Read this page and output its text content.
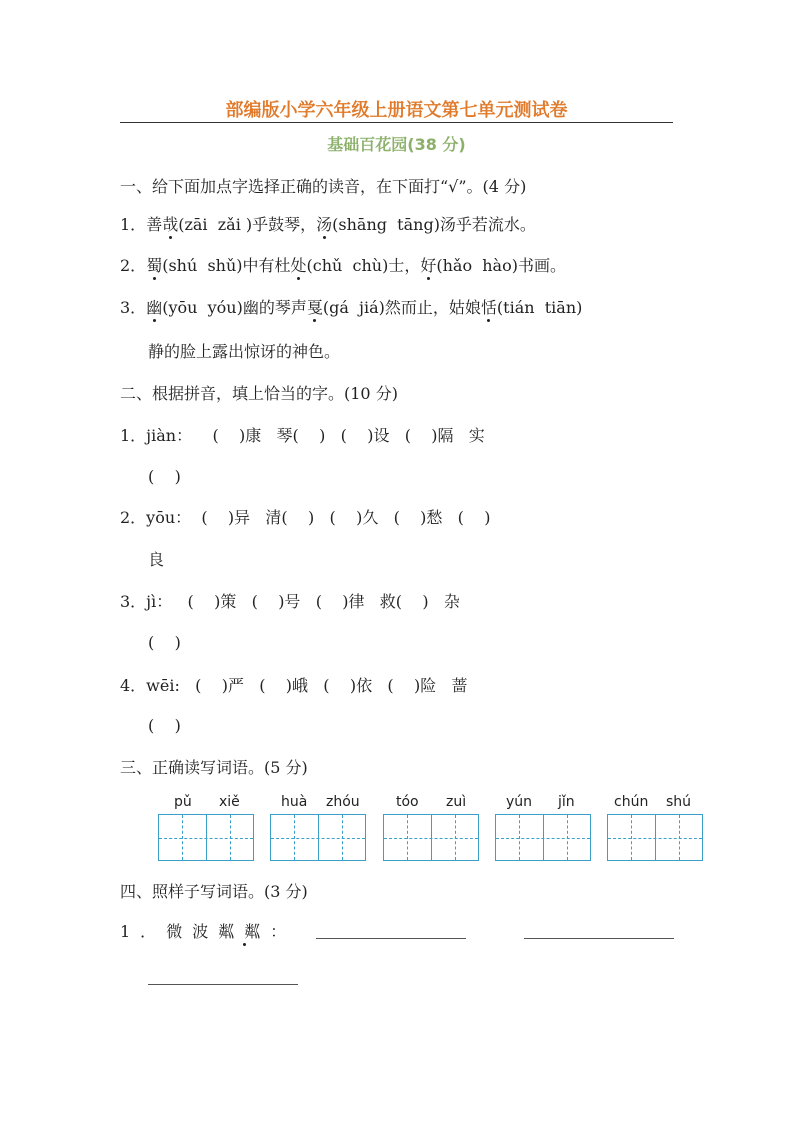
部编版小学六年级上册语文第七单元测试卷
基础百花园(38 分)
一、给下面加点字选择正确的读音，在下面打“√”。(4 分)
1．善哉(zāi  zǎi )乎鼓琴，汤(shāng  tāng)汤乎若流水。
2．蜀(shú  shǔ)中有杜处(chǔ  chù)士，好(hǎo  hào)书画。
3．幽(yōu  yóu)幽的琴声戛(gá  jiá)然而止，姑娘恬(tián  tiān)
静的脸上露出惊讶的神色。
二、根据拼音，填上恰当的字。(10 分)
1．jiàn：    (    )康   琴(    )   (    )设   (    )隔   实
(    )
2．yōu：  (    )异   清(    )   (    )久   (    )愁   (    )
良
3．jì：   (    )策   (    )号   (    )律   救(    )   杂
(    )
4．wēi:   (    )严   (    )峨   (    )依   (    )险   蔷
(    )
三、正确读写词语。(5 分)
pǔ xiě	huà zhóu	tóo zuì	yún jǐn	chún shú
四、照样子写词语。(3 分)
1．微波粼粼：
